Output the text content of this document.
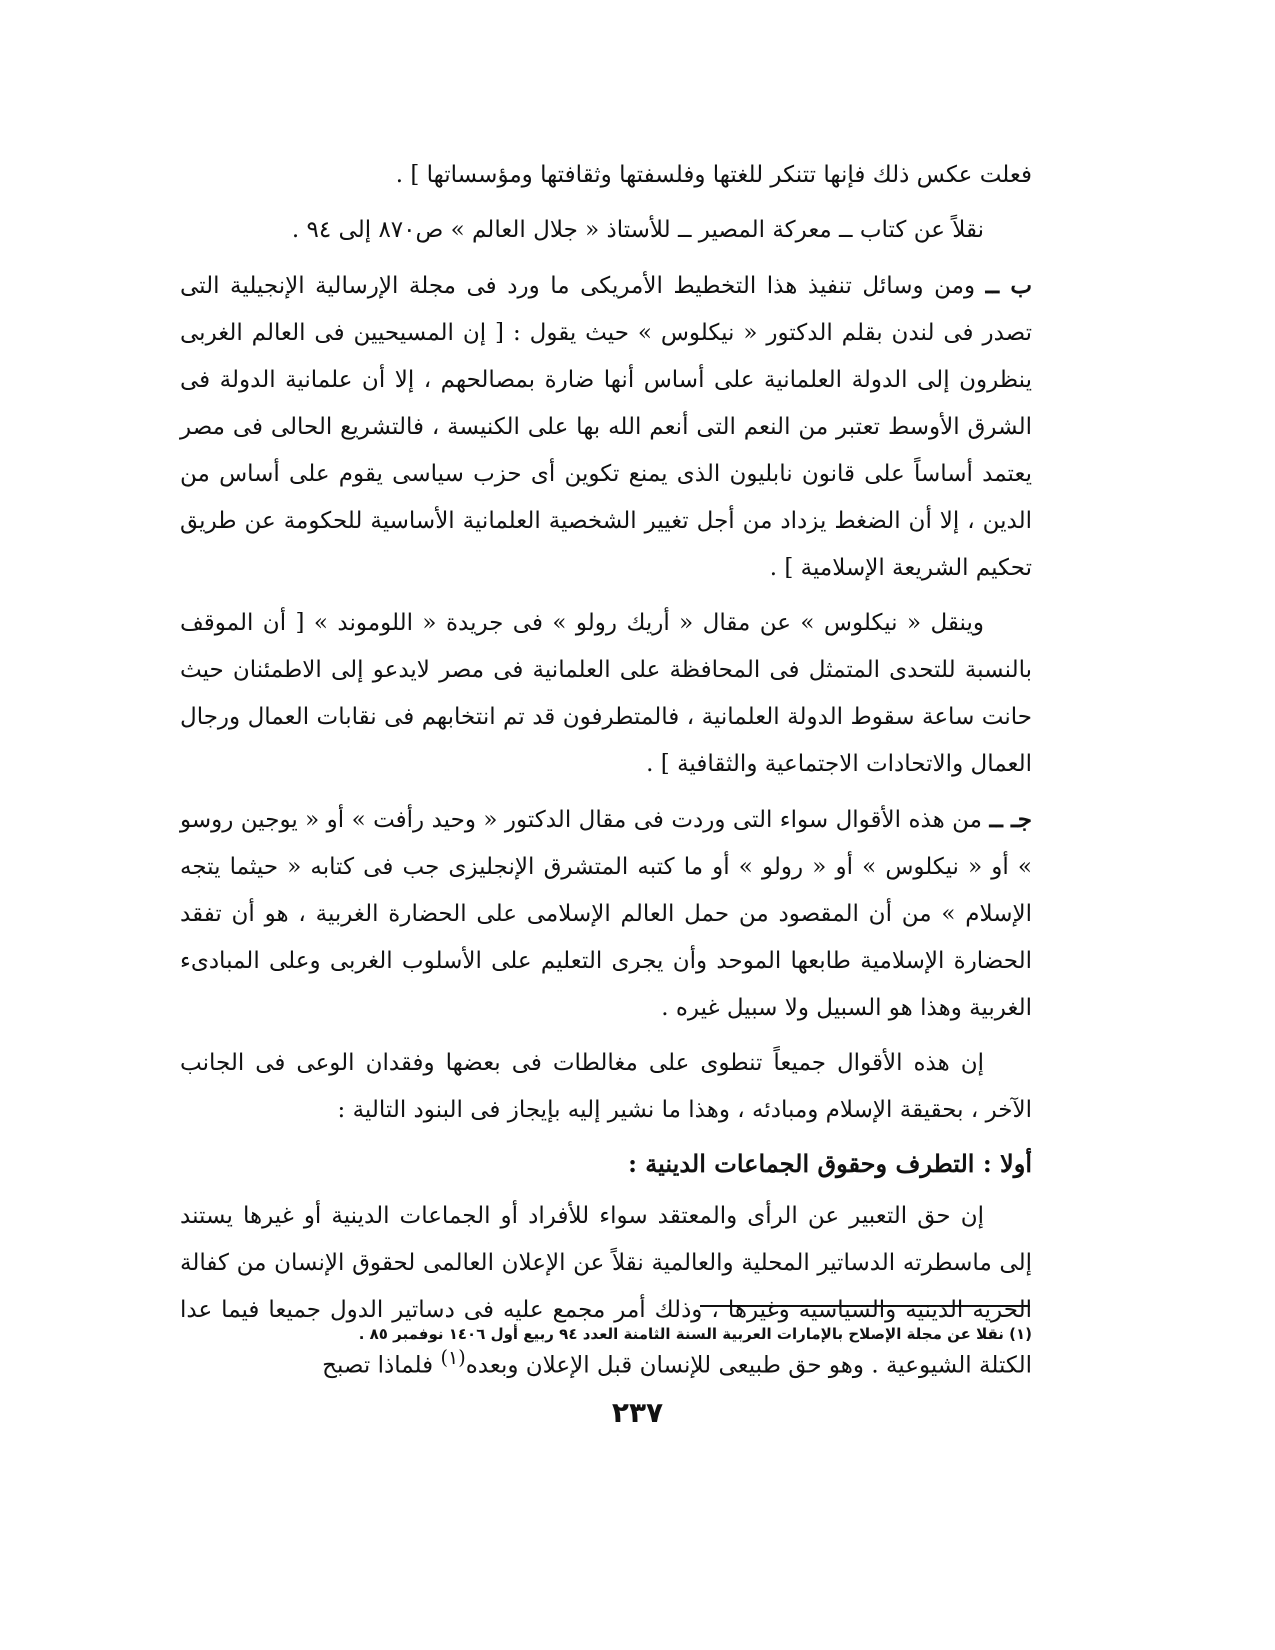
فعلت عكس ذلك فإنها تتنكر للغتها وفلسفتها وثقافتها ومؤسساتها ] .

نقلاً عن كتاب ــ معركة المصير ــ للأستاذ « جلال العالم » ص٨٧٠ إلى ٩٤ .

ب ــ ومن وسائل تنفيذ هذا التخطيط الأمريكى ما ورد فى مجلة الإرسالية الإنجيلية التى تصدر فى لندن بقلم الدكتور « نيكلوس » حيث يقول : [ إن المسيحيين فى العالم الغربى ينظرون إلى الدولة العلمانية على أساس أنها ضارة بمصالحهم ، إلا أن علمانية الدولة فى الشرق الأوسط تعتبر من النعم التى أنعم الله بها على الكنيسة ، فالتشريع الحالى فى مصر يعتمد أساساً على قانون نابليون الذى يمنع تكوين أى حزب سياسى يقوم على أساس من الدين ، إلا أن الضغط يزداد من أجل تغيير الشخصية العلمانية الأساسية للحكومة عن طريق تحكيم الشريعة الإسلامية ] .

وينقل « نيكلوس » عن مقال « أريك رولو » فى جريدة « اللوموند » [ أن الموقف بالنسبة للتحدى المتمثل فى المحافظة على العلمانية فى مصر لايدعو إلى الاطمئنان حيث حانت ساعة سقوط الدولة العلمانية ، فالمتطرفون قد تم انتخابهم فى نقابات العمال ورجال العمال والاتحادات الاجتماعية والثقافية ] .

جـ ــ من هذه الأقوال سواء التى وردت فى مقال الدكتور « وحيد رأفت » أو « يوجين روسو » أو « نيكلوس » أو « رولو » أو ما كتبه المتشرق الإنجليزى جب فى كتابه « حيثما يتجه الإسلام » من أن المقصود من حمل العالم الإسلامى على الحضارة الغربية ، هو أن تفقد الحضارة الإسلامية طابعها الموحد وأن يجرى التعليم على الأسلوب الغربى وعلى المبادىء الغربية وهذا هو السبيل ولا سبيل غيره .

إن هذه الأقوال جميعاً تنطوى على مغالطات فى بعضها وفقدان الوعى فى الجانب الآخر ، بحقيقة الإسلام ومبادئه ، وهذا ما نشير إليه بإيجاز فى البنود التالية :

أولا : التطرف وحقوق الجماعات الدينية :

إن حق التعبير عن الرأى والمعتقد سواء للأفراد أو الجماعات الدينية أو غيرها يستند إلى ماسطرته الدساتير المحلية والعالمية نقلاً عن الإعلان العالمى لحقوق الإنسان من كفالة الحرية الدينية والسياسية وغيرها ، وذلك أمر مجمع عليه فى دساتير الدول جميعا فيما عدا الكتلة الشيوعية . وهو حق طبيعى للإنسان قبل الإعلان وبعده$^{(١)}$ فلماذا تصبح

(١) نقلا عن مجلة الإصلاح بالإمارات العربية السنة الثامنة العدد ٩٤ ربيع أول ١٤٠٦ نوفمبر ٨٥ .
٢٣٧
